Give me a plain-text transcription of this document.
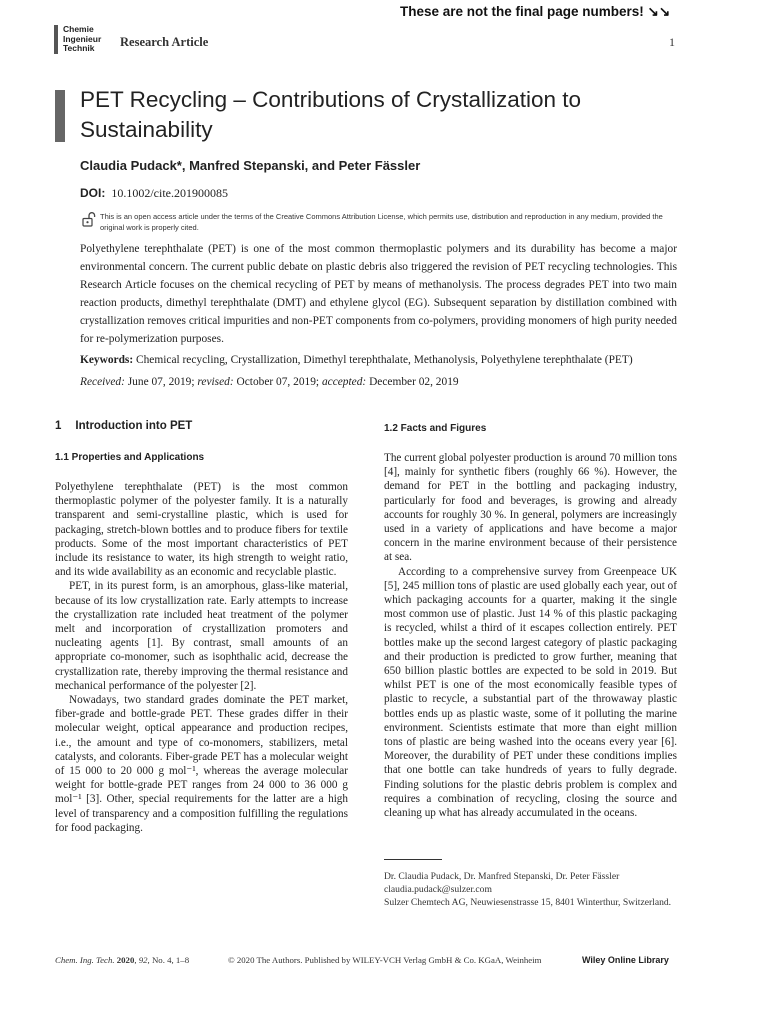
These are not the final page numbers! ↘↘
Chemie
Ingenieur
Technik	Research Article	1
PET Recycling – Contributions of Crystallization to Sustainability
Claudia Pudack*, Manfred Stepanski, and Peter Fässler
DOI: 10.1002/cite.201900085
This is an open access article under the terms of the Creative Commons Attribution License, which permits use, distribution and reproduction in any medium, provided the original work is properly cited.

Polyethylene terephthalate (PET) is one of the most common thermoplastic polymers and its durability has become a major environmental concern. The current public debate on plastic debris also triggered the revision of PET recycling technologies. This Research Article focuses on the chemical recycling of PET by means of methanolysis. The process degrades PET into two main reaction products, dimethyl terephthalate (DMT) and ethylene glycol (EG). Subsequent separation by distillation combined with crystallization removes critical impurities and non-PET components from co-polymers, providing monomers of high purity needed for re-polymerization purposes.

Keywords: Chemical recycling, Crystallization, Dimethyl terephthalate, Methanolysis, Polyethylene terephthalate (PET)
Received: June 07, 2019; revised: October 07, 2019; accepted: December 02, 2019
1 Introduction into PET
1.1 Properties and Applications

Polyethylene terephthalate (PET) is the most common thermoplastic polymer of the polyester family. It is a naturally transparent and semi-crystalline plastic, which is used for packaging, stretch-blown bottles and to produce fibers for textile products. Some of the most important characteristics of PET include its resistance to water, its high strength to weight ratio, and its wide availability as an economic and recyclable plastic.

PET, in its purest form, is an amorphous, glass-like material, because of its low crystallization rate. Early attempts to increase the crystallization rate included heat treatment of the polymer melt and incorporation of crystallization promoters and nucleating agents [1]. By contrast, small amounts of an appropriate co-monomer, such as isophthalic acid, decrease the crystallization rate, thereby improving the thermal resistance and mechanical performance of the polyester [2].

Nowadays, two standard grades dominate the PET market, fiber-grade and bottle-grade PET. These grades differ in their molecular weight, optical appearance and production recipes, i.e., the amount and type of co-monomers, stabilizers, metal catalysts, and colorants. Fiber-grade PET has a molecular weight of 15 000 to 20 000 g mol⁻¹, whereas the average molecular weight for bottle-grade PET ranges from 24 000 to 36 000 g mol⁻¹ [3]. Other, special requirements for the latter are a high level of transparency and a composition fulfilling the regulations for food packaging.

1.2 Facts and Figures

The current global polyester production is around 70 million tons [4], mainly for synthetic fibers (roughly 66 %). However, the demand for PET in the bottling and packaging industry, particularly for food and beverages, is growing and already accounts for roughly 30 %. In general, polymers are increasingly used in a variety of applications and have become a major concern in the marine environment because of their persistence at sea.

According to a comprehensive survey from Greenpeace UK [5], 245 million tons of plastic are used globally each year, out of which packaging accounts for a quarter, making it the single most common use of plastic. Just 14 % of this plastic packaging is recycled, whilst a third of it escapes collection entirely. PET bottles make up the second largest category of plastic packaging and their production is predicted to grow further, meaning that 650 billion plastic bottles are expected to be sold in 2019. But whilst PET is one of the most economically feasible types of plastic to recycle, a substantial part of the throwaway plastic bottles ends up as plastic waste, some of it polluting the marine environment. Scientists estimate that more than eight million tons of plastic are being washed into the oceans every year [6]. Moreover, the durability of PET under these conditions implies that one bottle can take hundreds of years to fully degrade. Finding solutions for the plastic debris problem is complex and requires a combination of recycling, closing the source and cleaning up what has already accumulated in the oceans.

Dr. Claudia Pudack, Dr. Manfred Stepanski, Dr. Peter Fässler
claudia.pudack@sulzer.com
Sulzer Chemtech AG, Neuwiesenstrasse 15, 8401 Winterthur, Switzerland.
Chem. Ing. Tech. 2020, 92, No. 4, 1–8	© 2020 The Authors. Published by WILEY-VCH Verlag GmbH & Co. KGaA, Weinheim	Wiley Online Library
